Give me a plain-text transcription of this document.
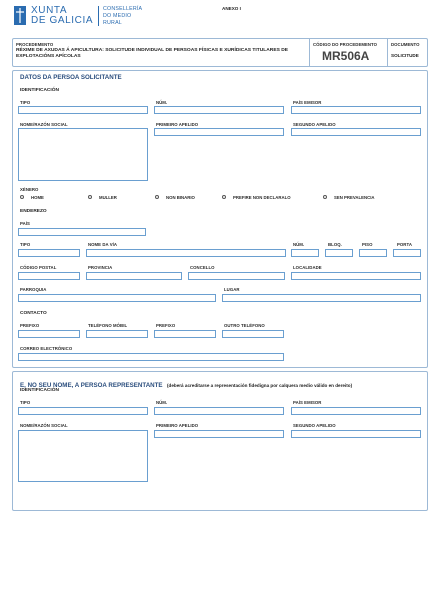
XUNTA
DE GALICIA
CONSELLERÍA
DO MEDIO
RURAL
ANEXO I
PROCEDEMENTO
RÉXIME DE AXUDAS Á APICULTURA: SOLICITUDE INDIVIDUAL DE PERSOAS FÍSICAS E XURÍDICAS TITULARES DE EXPLOTACIÓNS APÍCOLAS
CÓDIGO DO PROCEDEMENTO
MR506A
DOCUMENTO
SOLICITUDE
DATOS DA PERSOA SOLICITANTE
IDENTIFICACIÓN
TIPO	NÚM.	PAÍS EMISOR
NOME/RAZÓN SOCIAL	PRIMEIRO APELIDO	SEGUNDO APELIDO
XÉNERO
HOME	MULLER	NON BINARIO	PREFIRE NON DECLARALO	SEN PREVALENCIA
ENDEREZO
PAÍS
TIPO	NOME DA VÍA	NÚM.	BLOQ.	PISO	PORTA
CÓDIGO POSTAL	PROVINCIA	CONCELLO	LOCALIDADE
PARROQUIA	LUGAR
CONTACTO
PREFIXO	TELÉFONO MÓBIL	PREFIXO	OUTRO TELÉFONO
CORREO ELECTRÓNICO
E, NO SEU NOME, A PERSOA REPRESENTANTE (deberá acreditarse a representación fidedigna por calquera medio válido en dereito)
IDENTIFICACIÓN
TIPO	NÚM.	PAÍS EMISOR
NOME/RAZÓN SOCIAL	PRIMEIRO APELIDO	SEGUNDO APELIDO
